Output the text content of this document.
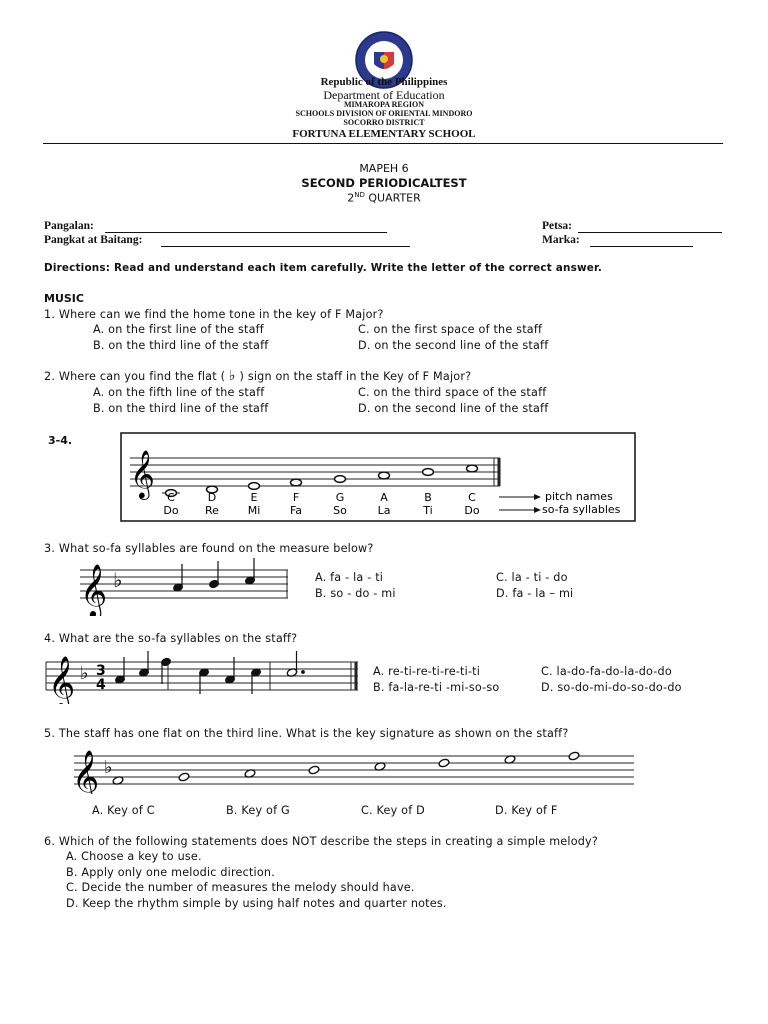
Republic of the Philippines
Department of Education
MIMAROPA REGION
SCHOOLS DIVISION OF ORIENTAL MINDORO
SOCORRO DISTRICT
FORTUNA ELEMENTARY SCHOOL
MAPEH 6
SECOND PERIODICALTEST
2ND QUARTER
Pangalan:
Pangkat at Baitang:
Petsa:
Marka:
Directions: Read and understand each item carefully. Write the letter of the correct answer.
MUSIC
1. Where can we find the home tone in the key of F Major?
A. on the first line of the staff
B. on the third line of the staff
C. on the first space of the staff
D. on the second line of the staff
2. Where can you find the flat ( ♭ ) sign on the staff in the Key of F Major?
A. on the fifth line of the staff
B. on the third line of the staff
C. on the third space of the staff
D. on the second line of the staff
3-4.
𝄞 C
Do
D
Re
E
Mi
F
Fa
G
So
A
La
B
Ti
C
Do
pitch names
so-fa syllables
3. What so-fa syllables are found on the measure below?
𝄞 ♭	A. fa - la - ti
B. so - do - mi
C. la - ti - do
D. fa - la – mi
4. What are the so-fa syllables on the staff?
𝄞 ♭ 3
4
A. re-ti-re-ti-re-ti-ti
B. fa-la-re-ti -mi-so-so
C. la-do-fa-do-la-do-do
D. so-do-mi-do-so-do-do
5. The staff has one flat on the third line. What is the key signature as shown on the staff?
𝄞 ♭
A. Key of C	B. Key of G	C. Key of D	D. Key of F
6. Which of the following statements does NOT describe the steps in creating a simple melody?
A. Choose a key to use.
B. Apply only one melodic direction.
C. Decide the number of measures the melody should have.
D. Keep the rhythm simple by using half notes and quarter notes.
